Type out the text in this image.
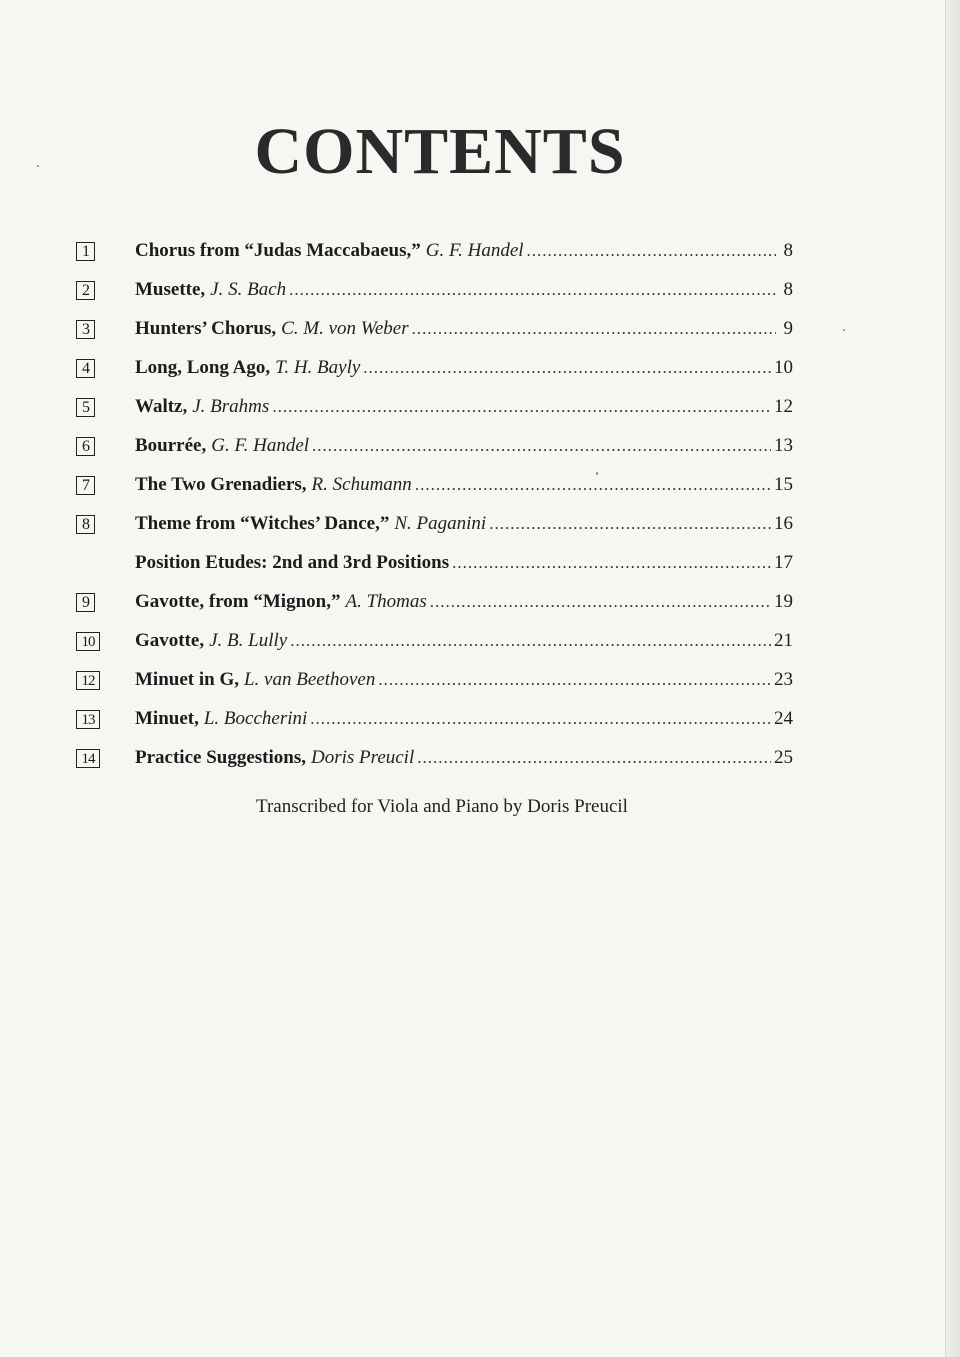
CONTENTS
1	Chorus from “Judas Maccabaeus,” G. F. Handel .....	8
2	Musette, J. S. Bach .....	8
3	Hunters’ Chorus, C. M. von Weber .....	9
4	Long, Long Ago, T. H. Bayly .....	10
5	Waltz, J. Brahms .....	12
6	Bourrée, G. F. Handel .....	13
7	The Two Grenadiers, R. Schumann .....	15
8	Theme from “Witches’ Dance,” N. Paganini .....	16
Position Etudes: 2nd and 3rd Positions .....	17
9	Gavotte, from “Mignon,” A. Thomas .....	19
10 Gavotte, J. B. Lully .....	21
12 Minuet in G, L. van Beethoven .....	23
13 Minuet, L. Boccherini .....	24
14 Practice Suggestions, Doris Preucil .....	25

Transcribed for Viola and Piano by Doris Preucil
